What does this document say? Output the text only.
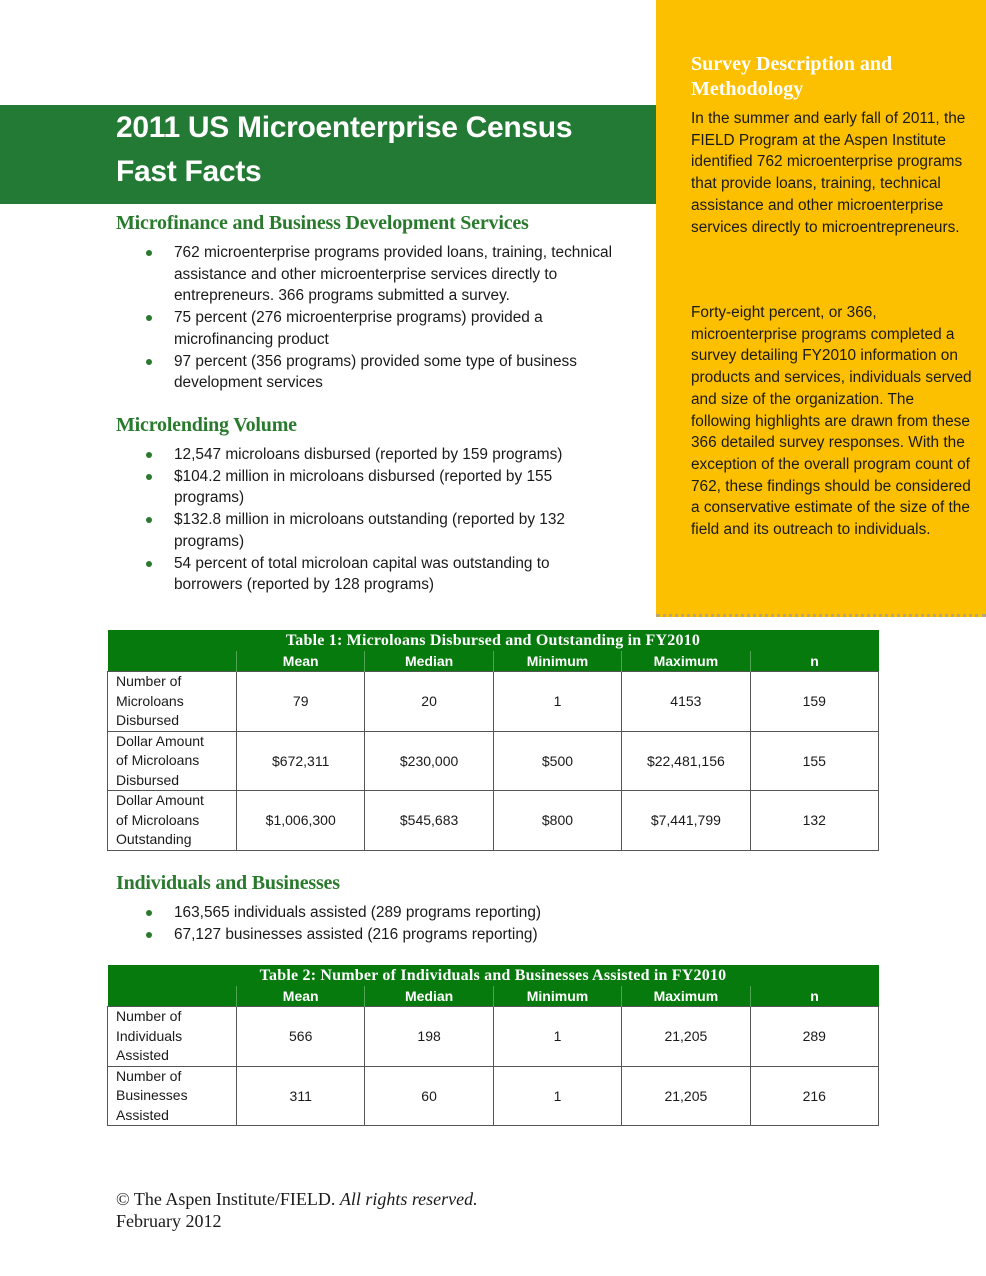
2011 US Microenterprise Census
Fast Facts
Survey Description and Methodology
In the summer and early fall of 2011, the FIELD Program at the Aspen Institute identified 762 microenterprise programs that provide loans, training, technical assistance and other microenterprise services directly to microentrepreneurs.
Forty-eight percent, or 366, microenterprise programs completed a survey detailing FY2010 information on products and services, individuals served and size of the organization. The following highlights are drawn from these 366 detailed survey responses. With the exception of the overall program count of 762, these findings should be considered a conservative estimate of the size of the field and its outreach to individuals.
Microfinance and Business Development Services
762 microenterprise programs provided loans, training, technical assistance and other microenterprise services directly to entrepreneurs. 366 programs submitted a survey.
75 percent (276 microenterprise programs) provided a microfinancing product
97 percent (356 programs) provided some type of business development services
Microlending Volume
12,547 microloans disbursed (reported by 159 programs)
$104.2 million in microloans disbursed (reported by 155 programs)
$132.8 million in microloans outstanding (reported by 132 programs)
54 percent of total microloan capital was outstanding to borrowers (reported by 128 programs)
Table 1: Microloans Disbursed and Outstanding in FY2010					
	Mean	Median	Minimum	Maximum	n

Number of
Microloans
Disbursed	79	20	1	4153	159

Dollar Amount
of Microloans
Disbursed	$672,311	$230,000	$500	$22,481,156	155

Dollar Amount
of Microloans
Outstanding	$1,006,300	$545,683	$800	$7,441,799	132
Individuals and Businesses
163,565 individuals assisted (289 programs reporting)
67,127 businesses assisted (216 programs reporting)
Table 2: Number of Individuals and Businesses Assisted in FY2010					
	Mean	Median	Minimum	Maximum	n

Number of
Individuals
Assisted	566	198	1	21,205	289

Number of
Businesses
Assisted	311	60	1	21,205	216
© The Aspen Institute/FIELD. All rights reserved.
February 2012
